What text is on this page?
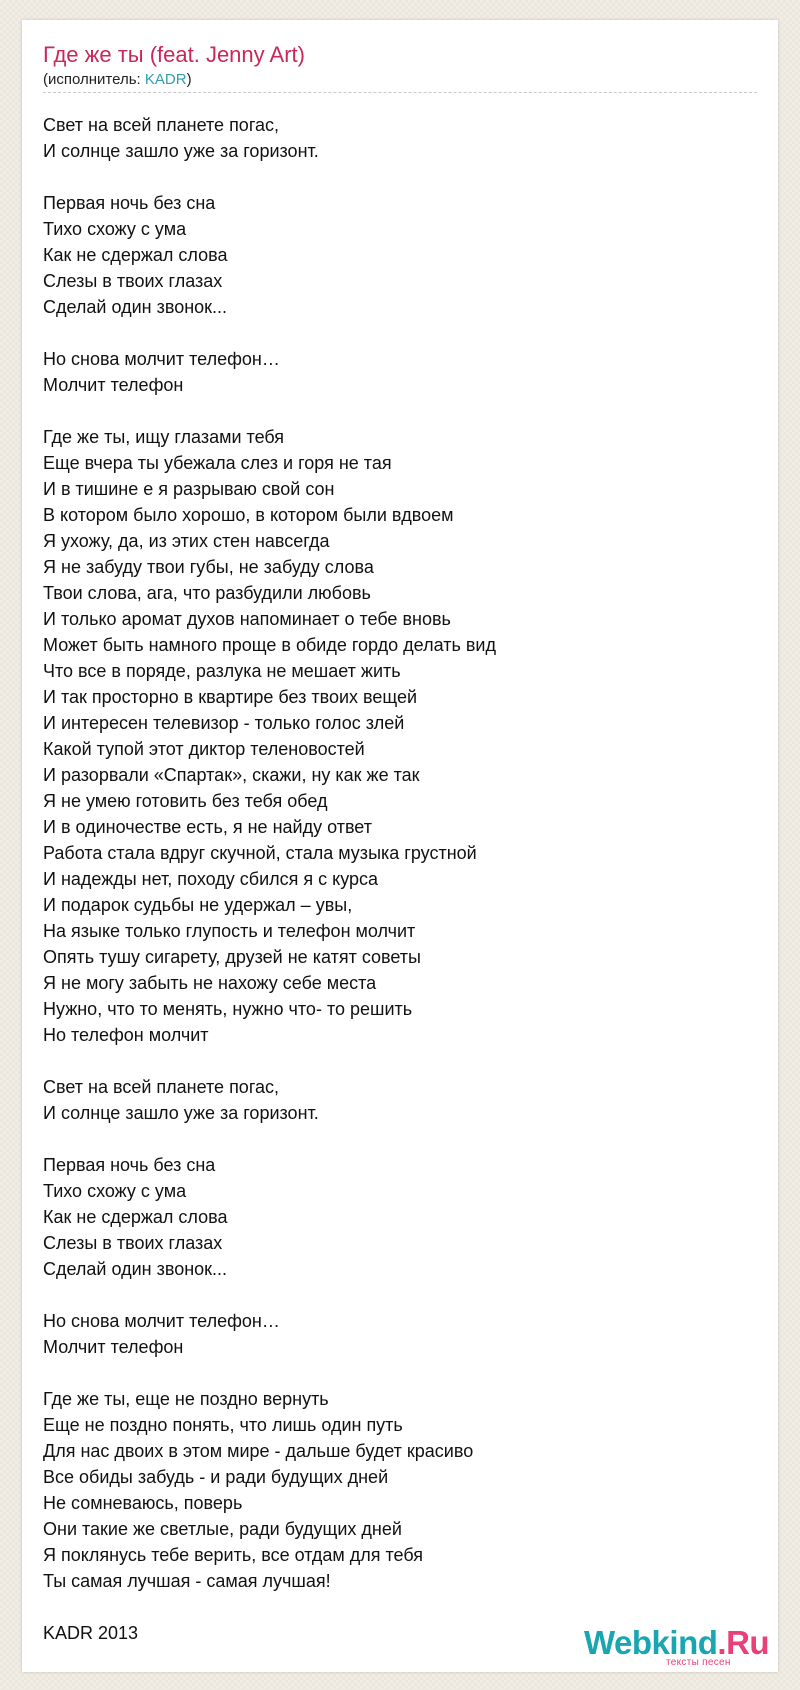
Где же ты (feat. Jenny Art)
(исполнитель: KADR)
Свет на всей планете погас,
И солнце зашло уже за горизонт.
Первая ночь без сна
Тихо схожу с ума
Как не сдержал слова
Слезы в твоих глазах
Сделай один звонок...
Но снова молчит телефон…
Молчит телефон
Где же ты, ищу глазами тебя
Еще вчера ты убежала слез и горя не тая
И в тишине е я разрываю свой сон
В котором было хорошо, в котором были вдвоем
Я ухожу, да, из этих стен навсегда
Я не забуду твои губы, не забуду слова
Твои слова, ага, что разбудили любовь
И только аромат духов напоминает о тебе вновь
Может быть намного проще в обиде гордо делать вид
Что все в поряде, разлука не мешает жить
И так просторно в квартире без твоих вещей
И интересен телевизор - только голос злей
Какой тупой этот диктор теленовостей
И разорвали «Спартак», скажи, ну как же так
Я не умею готовить без тебя обед
И в одиночестве есть, я не найду ответ
Работа стала вдруг скучной, стала музыка грустной
И надежды нет, походу сбился я с курса
И подарок судьбы не удержал – увы,
На языке только глупость и телефон молчит
Опять тушу сигарету, друзей не катят советы
Я не могу забыть не нахожу себе места
Нужно, что то менять, нужно что- то решить
Но телефон молчит
Свет на всей планете погас,
И солнце зашло уже за горизонт.
Первая ночь без сна
Тихо схожу с ума
Как не сдержал слова
Слезы в твоих глазах
Сделай один звонок...
Но снова молчит телефон…
Молчит телефон
Где же ты, еще не поздно вернуть
Еще не поздно понять, что лишь один путь
Для нас двоих в этом мире - дальше будет красиво
Все обиды забудь - и ради будущих дней
Не сомневаюсь, поверь
Они такие же светлые, ради будущих дней
Я поклянусь тебе верить, все отдам для тебя
Ты самая лучшая - самая лучшая!
KADR 2013	Webkind.Ru
тексты песен
